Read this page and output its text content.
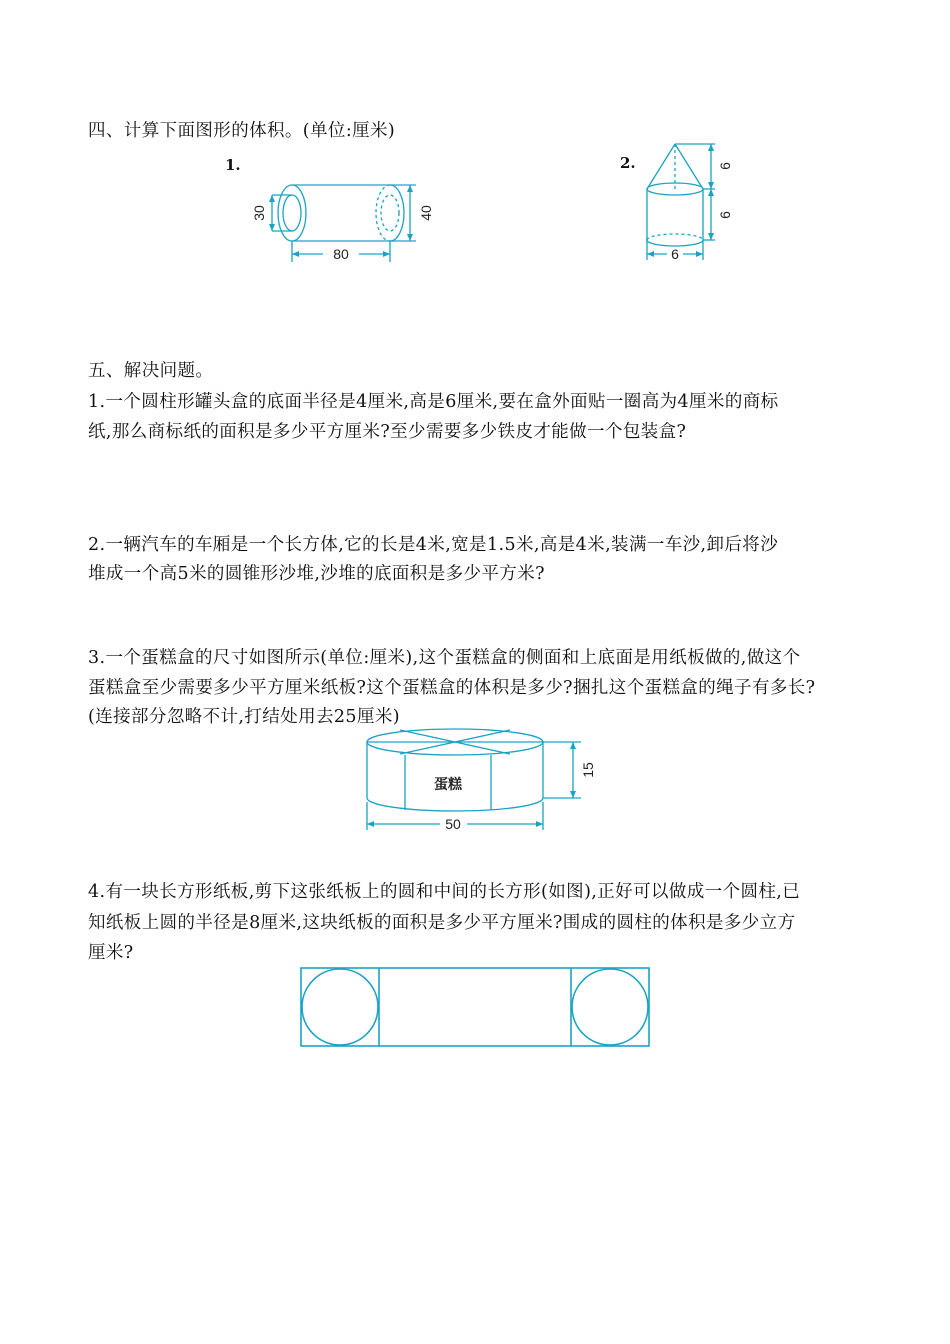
四、计算下面图形的体积。(单位:厘米)
1.
30	40
80
2.	6
6
6
五、解决问题。
1.一个圆柱形罐头盒的底面半径是4厘米,高是6厘米,要在盒外面贴一圈高为4厘米的商标
纸,那么商标纸的面积是多少平方厘米?至少需要多少铁皮才能做一个包装盒?
2.一辆汽车的车厢是一个长方体,它的长是4米,宽是1.5米,高是4米,装满一车沙,卸后将沙
堆成一个高5米的圆锥形沙堆,沙堆的底面积是多少平方米?
3.一个蛋糕盒的尺寸如图所示(单位:厘米),这个蛋糕盒的侧面和上底面是用纸板做的,做这个
蛋糕盒至少需要多少平方厘米纸板?这个蛋糕盒的体积是多少?捆扎这个蛋糕盒的绳子有多长?
(连接部分忽略不计,打结处用去25厘米)
蛋糕
15
50
4.有一块长方形纸板,剪下这张纸板上的圆和中间的长方形(如图),正好可以做成一个圆柱,已
知纸板上圆的半径是8厘米,这块纸板的面积是多少平方厘米?围成的圆柱的体积是多少立方
厘米?
